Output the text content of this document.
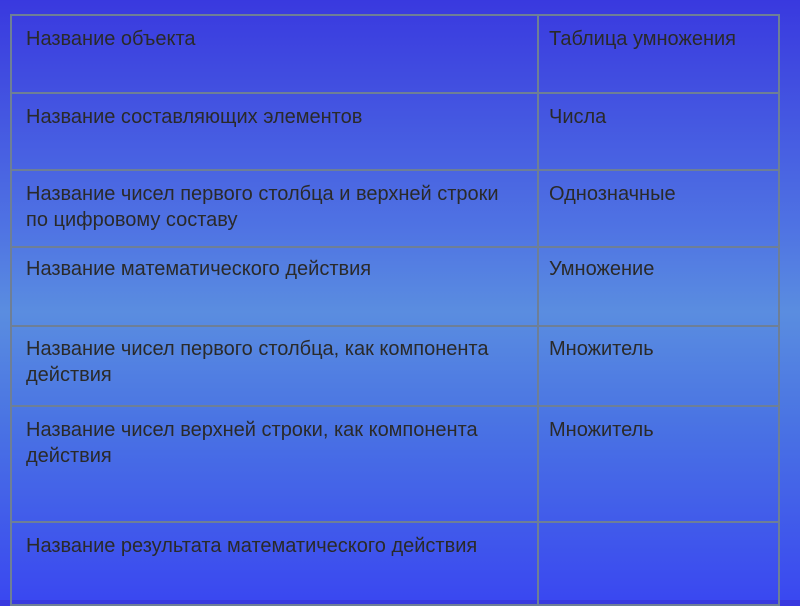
Название объекта	Таблица умножения
Название составляющих элементов	Числа
Название чисел первого столбца и верхней строки по цифровому составу	Однозначные
Название математического действия	Умножение
Название чисел первого столбца, как компонента действия	Множитель
Название чисел верхней строки, как компонента действия	Множитель
Название результата математического действия	
